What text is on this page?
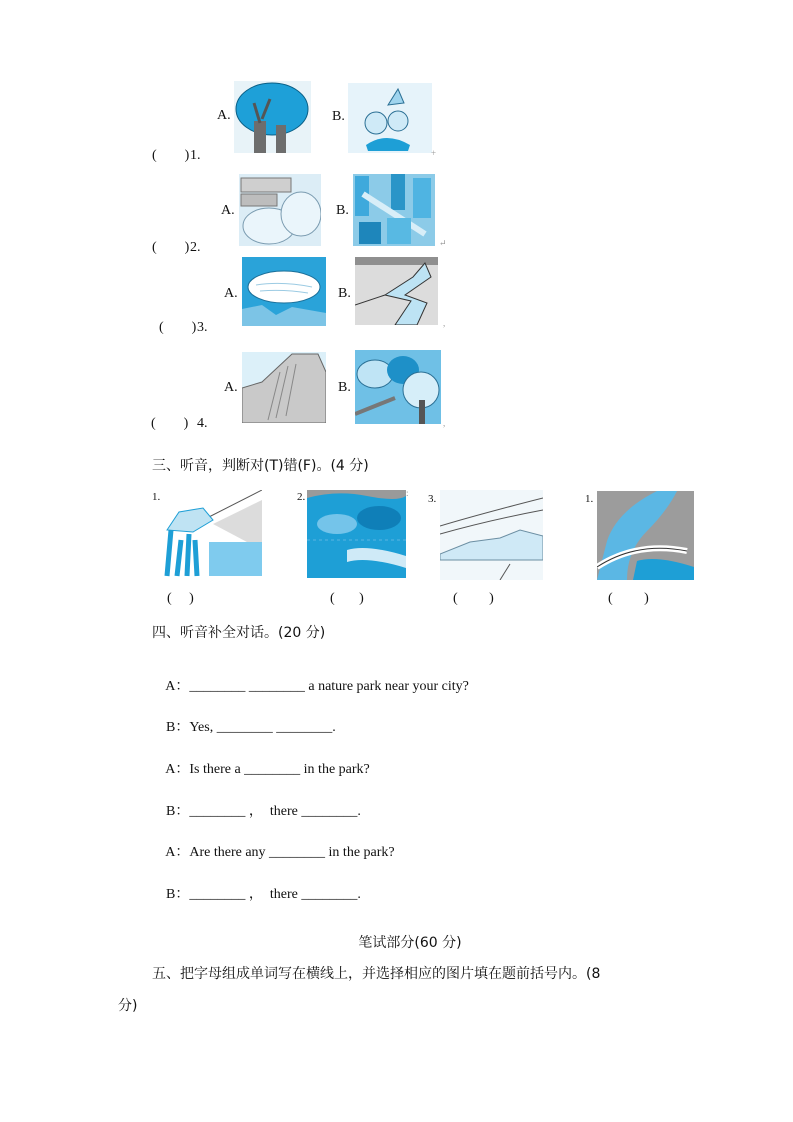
A.	B.
+
(        ) 1.
A.	B.
↵
(        ) 2.
A.	B.
,
(        ) 3.
A.	B.
,
(        ) 4.
三、听音，判断对(T)错(F)。(4 分)
1.
(     )
2.	:
(       )
3.
(         )
1.
(         )
四、听音补全对话。(20 分)

A：________ ________ a nature park near your city?

B：Yes, ________ ________.

A：Is there a ________ in the park?

B：________ ，  there ________.

A：Are there any ________ in the park?

B：________ ，  there ________.

笔试部分(60 分)
五、把字母组成单词写在横线上，并选择相应的图片填在题前括号内。(8
分)
